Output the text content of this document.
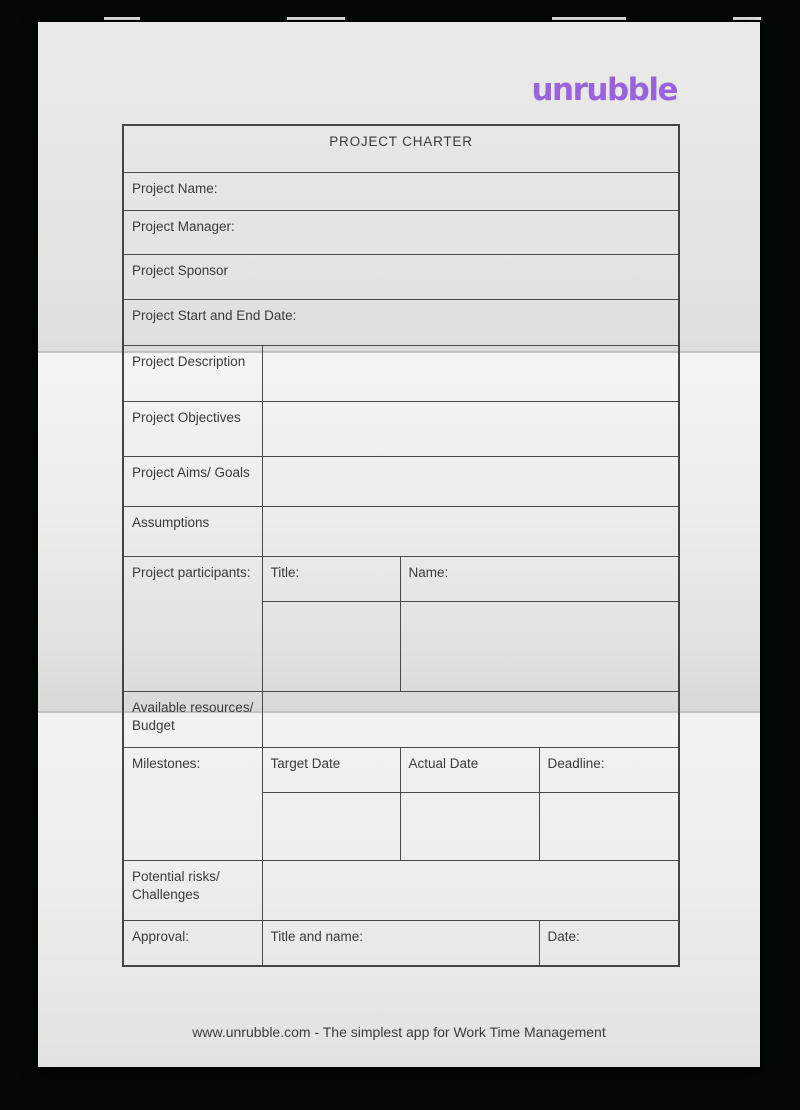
unrubble
PROJECT CHARTER			
Project Name:			
Project Manager:			
Project Sponsor			
Project Start and End Date:			
Project Description			
Project Objectives			
Project Aims/ Goals			
Assumptions			
Project participants:	Title:	Name:	

Available resources/ Budget			
Milestones:	Target Date	Actual Date	Deadline:

Potential risks/ Challenges			
Approval:	Title and name:		Date:
www.unrubble.com - The simplest app for Work Time Management
